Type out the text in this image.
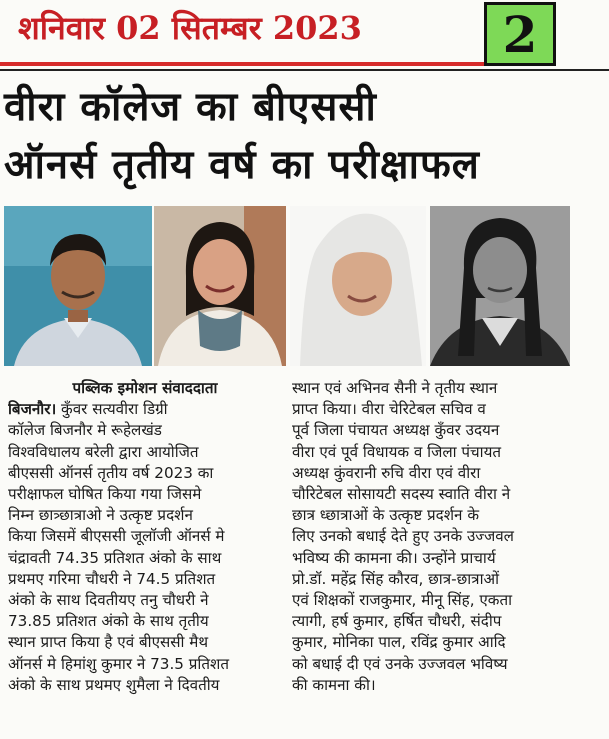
शनिवार 02 सितम्बर 2023	2
वीरा कॉलेज का बीएससी
ऑनर्स तृतीय वर्ष का परीक्षाफल
पब्लिक इमोशन संवाददाता
बिजनौर। कुँवर सत्यवीरा डिग्री
कॉलेज बिजनौर मे रूहेलखंड
विश्वविधालय बरेली द्वारा आयोजित
बीएससी ऑनर्स तृतीय वर्ष 2023 का
परीक्षाफल घोषित किया गया जिसमे
निम्न छात्र्छात्राओ ने उत्कृष्ट प्रदर्शन
किया जिसमें बीएससी जूलॉजी ऑनर्स मे
चंद्रावती 74.35 प्रतिशत अंको के साथ
प्रथमए गरिमा चौधरी ने 74.5 प्रतिशत
अंको के साथ दिवतीयए तनु चौधरी ने
73.85 प्रतिशत अंको के साथ तृतीय
स्थान प्राप्त किया है एवं बीएससी मैथ
ऑनर्स मे हिमांशु कुमार ने 73.5 प्रतिशत
अंको के साथ प्रथमए शुमैला ने दिवतीय
स्थान एवं अभिनव सैनी ने तृतीय स्थान
प्राप्त किया। वीरा चेरिटेबल सचिव व
पूर्व जिला पंचायत अध्यक्ष कुँवर उदयन
वीरा एवं पूर्व विधायक व जिला पंचायत
अध्यक्ष कुंवरानी रुचि वीरा एवं वीरा
चौरिटेबल सोसायटी सदस्य स्वाति वीरा ने
छात्र ध्छात्राओं के उत्कृष्ट प्रदर्शन के
लिए उनको बधाई देते हुए उनके उज्जवल
भविष्य की कामना की। उन्होंने प्राचार्य
प्रो.डॉ. महेंद्र सिंह कौरव, छात्र-छात्राओं
एवं शिक्षकों राजकुमार, मीनू सिंह, एकता
त्यागी, हर्ष कुमार, हर्षित चौधरी, संदीप
कुमार, मोनिका पाल, रविंद्र कुमार आदि
को बधाई दी एवं उनके उज्जवल भविष्य
की कामना की।
